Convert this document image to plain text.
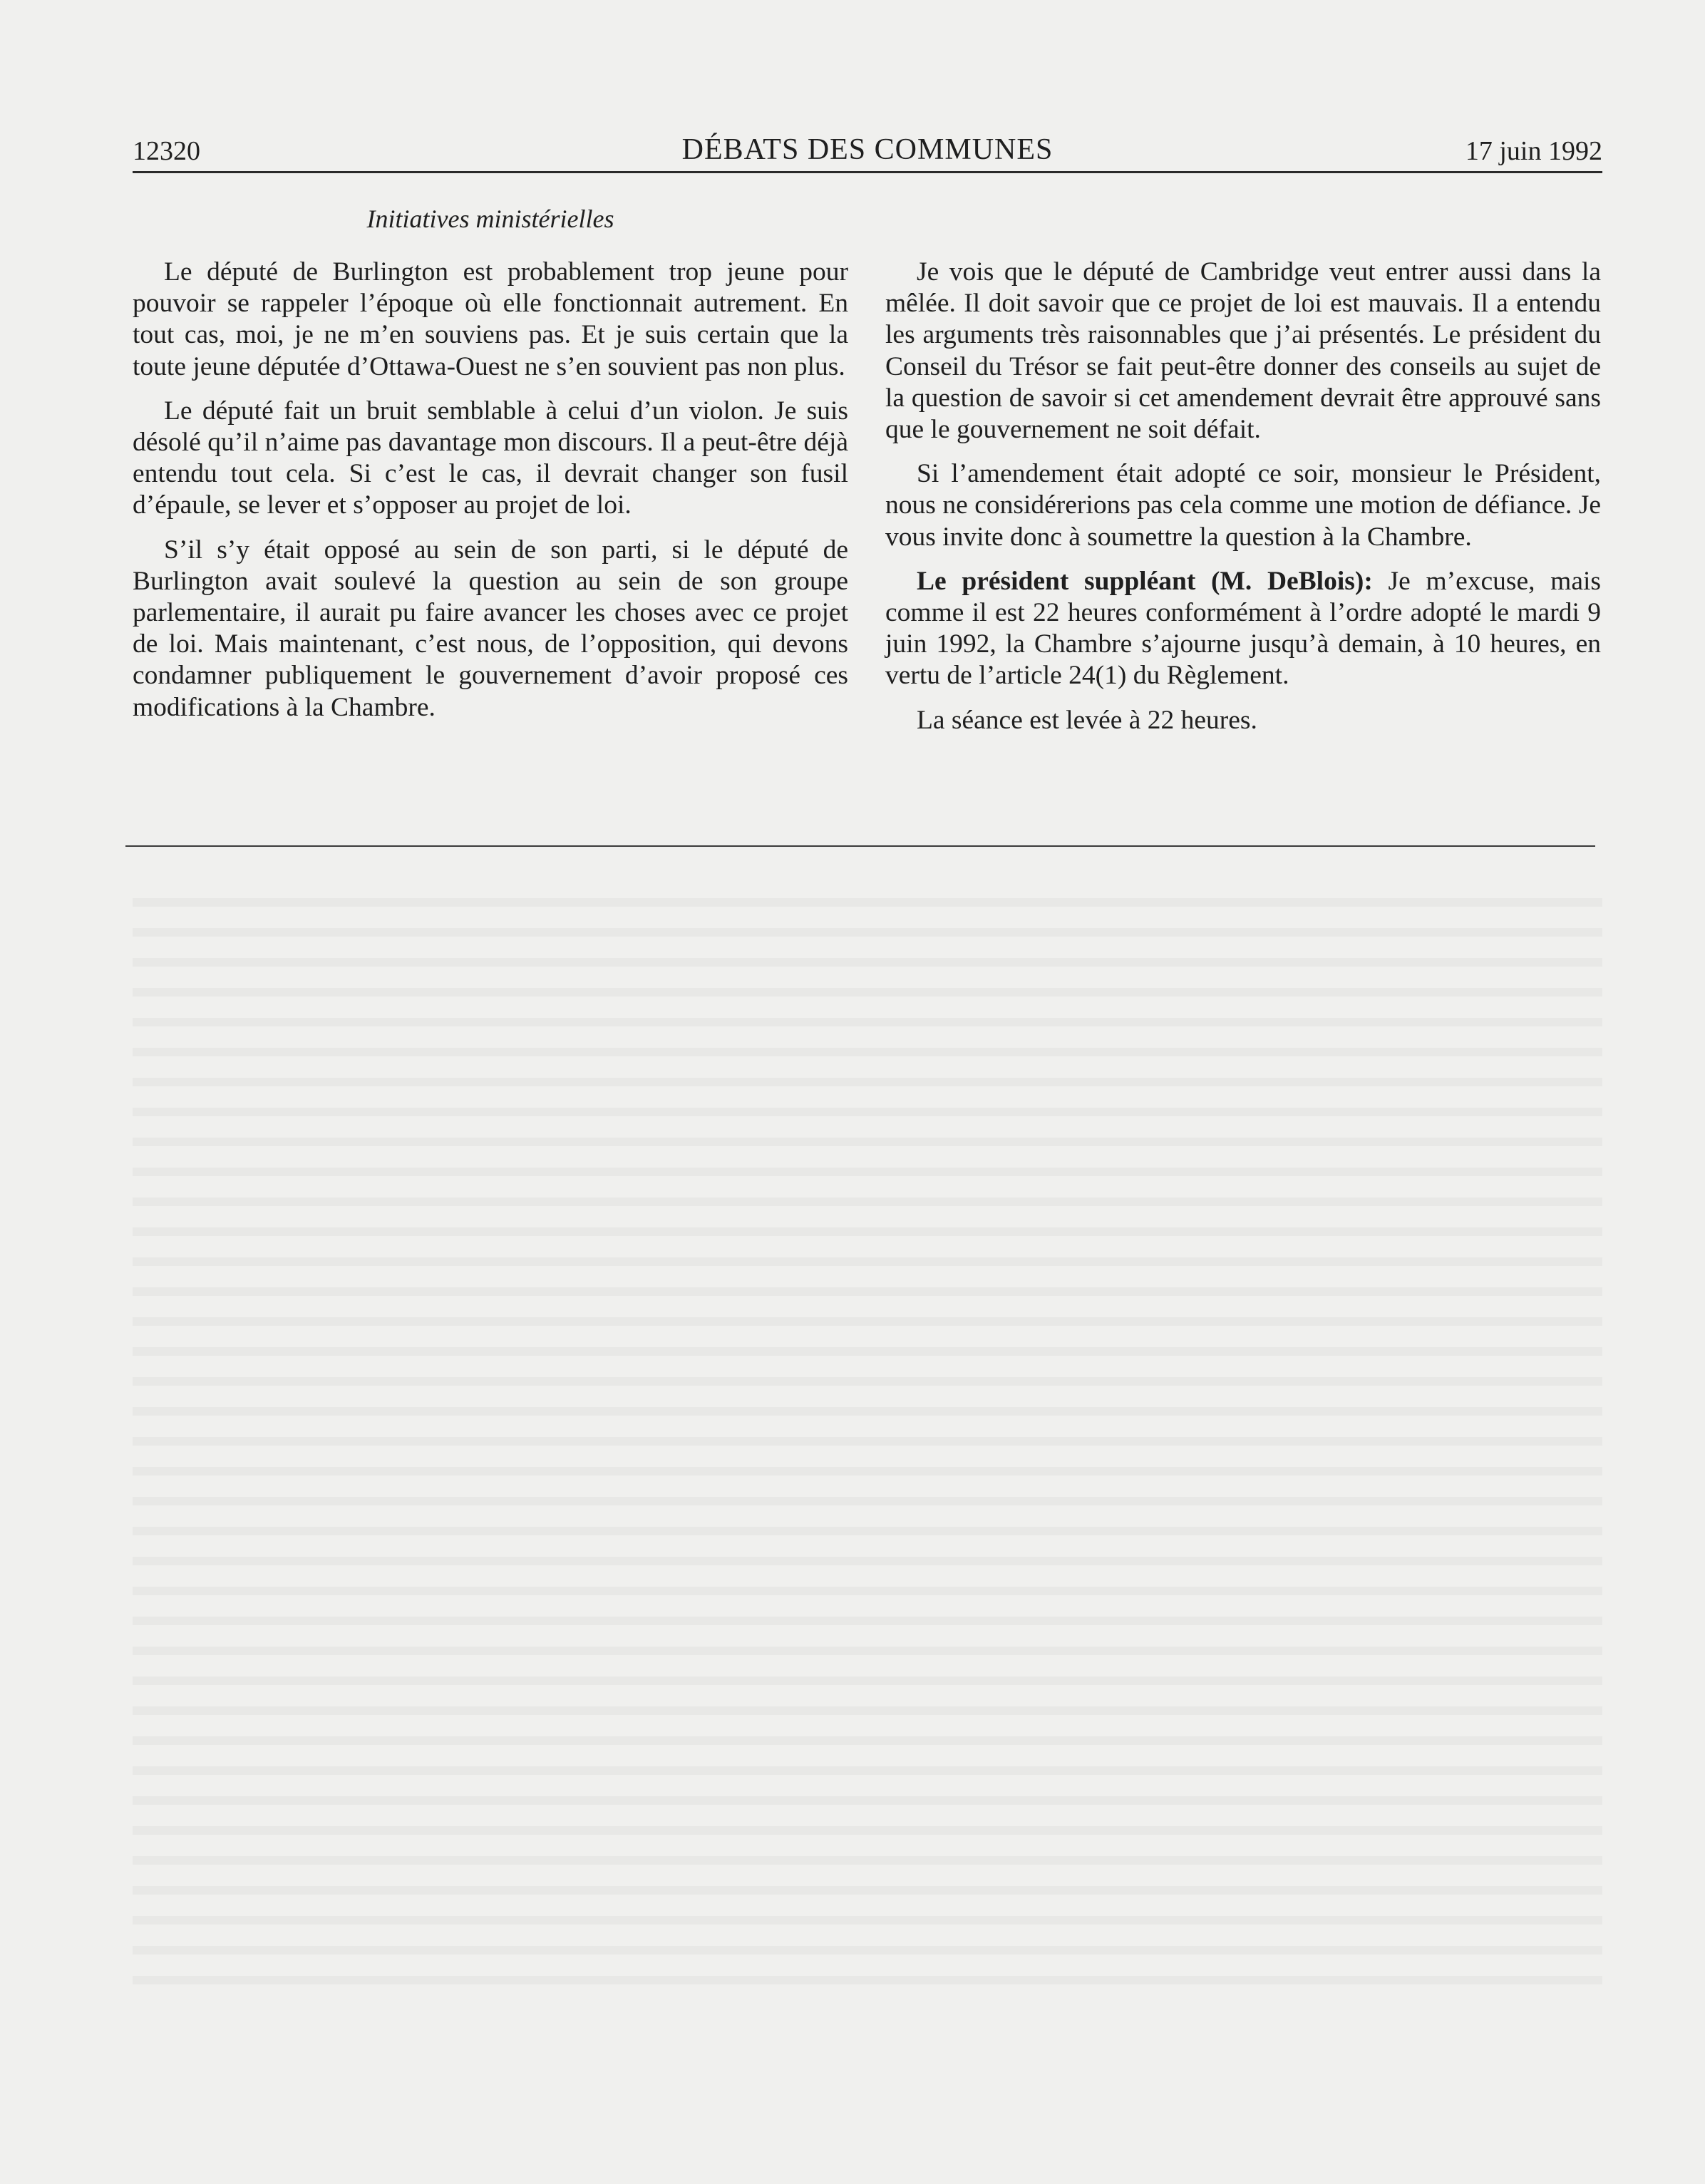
12320	DÉBATS DES COMMUNES	17 juin 1992
Initiatives ministérielles

Le député de Burlington est probablement trop jeune pour pouvoir se rappeler l’époque où elle fonctionnait autrement. En tout cas, moi, je ne m’en souviens pas. Et je suis certain que la toute jeune députée d’Ottawa-Ouest ne s’en souvient pas non plus.

Le député fait un bruit semblable à celui d’un violon. Je suis désolé qu’il n’aime pas davantage mon discours. Il a peut-être déjà entendu tout cela. Si c’est le cas, il devrait changer son fusil d’épaule, se lever et s’opposer au projet de loi.

S’il s’y était opposé au sein de son parti, si le député de Burlington avait soulevé la question au sein de son groupe parlementaire, il aurait pu faire avancer les choses avec ce projet de loi. Mais maintenant, c’est nous, de l’opposition, qui devons condamner publiquement le gouvernement d’avoir proposé ces modifications à la Chambre.

Je vois que le député de Cambridge veut entrer aussi dans la mêlée. Il doit savoir que ce projet de loi est mauvais. Il a entendu les arguments très raisonnables que j’ai présentés. Le président du Conseil du Trésor se fait peut-être donner des conseils au sujet de la question de savoir si cet amendement devrait être approuvé sans que le gouvernement ne soit défait.

Si l’amendement était adopté ce soir, monsieur le Président, nous ne considérerions pas cela comme une motion de défiance. Je vous invite donc à soumettre la question à la Chambre.

Le président suppléant (M. DeBlois): Je m’excuse, mais comme il est 22 heures conformément à l’ordre adopté le mardi 9 juin 1992, la Chambre s’ajourne jusqu’à demain, à 10 heures, en vertu de l’article 24(1) du Règlement.

La séance est levée à 22 heures.
